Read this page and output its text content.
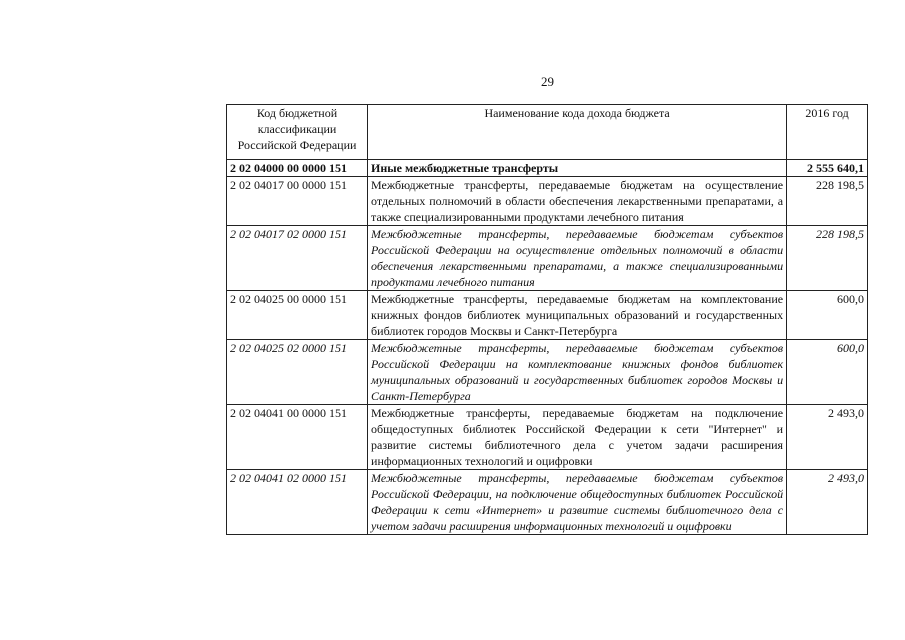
29
Код бюджетной классификации Российской Федерации	Наименование кода дохода бюджета	2016 год
2 02 04000 00 0000 151	Иные межбюджетные трансферты	2 555 640,1
2 02 04017 00 0000 151	Межбюджетные трансферты, передаваемые бюджетам на осуществление отдельных полномочий в области обеспечения лекарственными препаратами, а также специализированными продуктами лечебного питания	228 198,5
2 02 04017 02 0000 151	Межбюджетные трансферты, передаваемые бюджетам субъектов Российской Федерации на осуществление отдельных полномочий в области обеспечения лекарственными препаратами, а также специализированными продуктами лечебного питания	228 198,5
2 02 04025 00 0000 151	Межбюджетные трансферты, передаваемые бюджетам на комплектование книжных фондов библиотек муниципальных образований и государственных библиотек городов Москвы и Санкт-Петербурга	600,0
2 02 04025 02 0000 151	Межбюджетные трансферты, передаваемые бюджетам субъектов Российской Федерации на комплектование книжных фондов библиотек муниципальных образований и государственных библиотек городов Москвы и Санкт-Петербурга	600,0
2 02 04041 00 0000 151	Межбюджетные трансферты, передаваемые бюджетам на подключение общедоступных библиотек Российской Федерации к сети "Интернет" и развитие системы библиотечного дела с учетом задачи расширения информационных технологий и оцифровки	2 493,0
2 02 04041 02 0000 151	Межбюджетные трансферты, передаваемые бюджетам субъектов Российской Федерации, на подключение общедоступных библиотек Российской Федерации к сети «Интернет» и развитие системы библиотечного дела с учетом задачи расширения информационных технологий и оцифровки	2 493,0
